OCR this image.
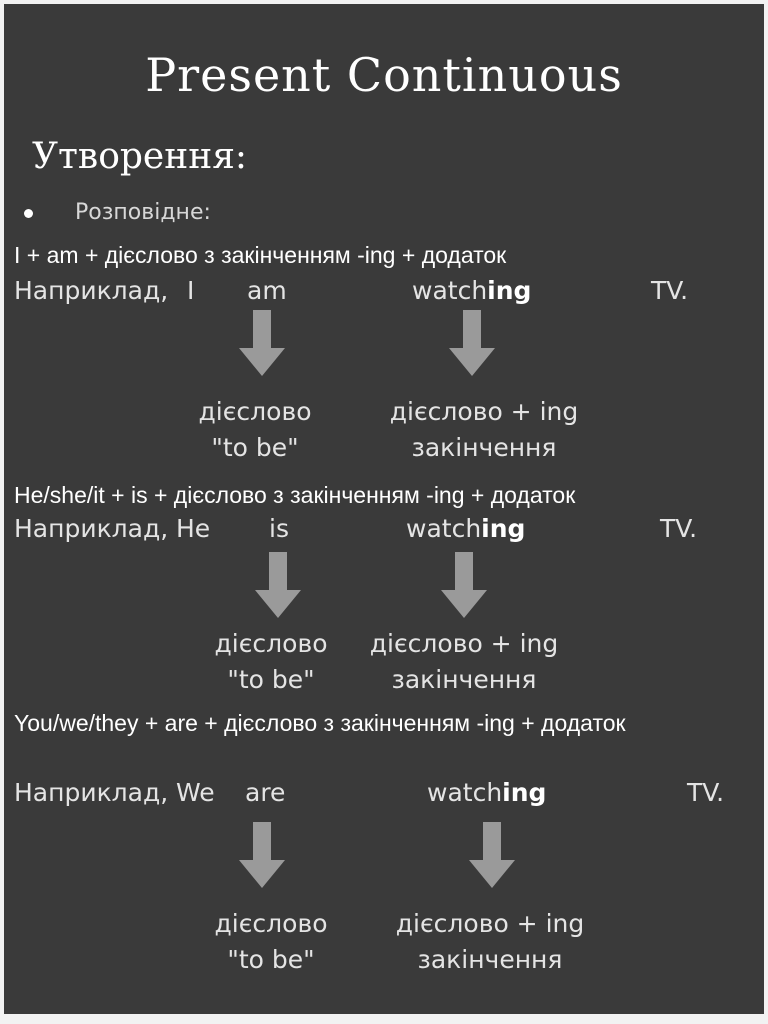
Present Continuous
Утворення:
Розповідне:
I + am + дієслово з закінченням -ing + додаток
Наприклад, I am	watching	TV.
дієслово
"to be"
дієслово + ing
закінчення
He/she/it + is + дієслово з закінченням -ing + додаток
Наприклад, He is	watching	TV.
дієслово
"to be"
дієслово + ing
закінчення
You/we/they + are + дієслово з закінченням -ing + додаток
Наприклад, We are	watching	TV.
дієслово
"to be"
дієслово + ing
закінчення
